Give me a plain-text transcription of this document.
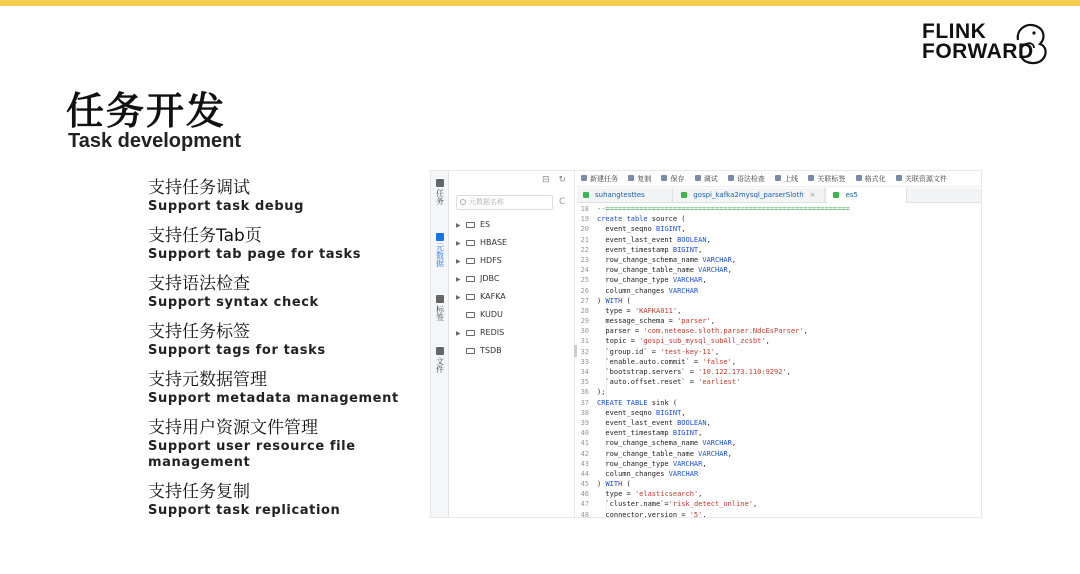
FLINK
FORWARD
任务开发
Task development
支持任务调试
Support task debug
支持任务Tab页
Support tab page for tasks
支持语法检查
Support syntax check
支持任务标签
Support tags for tasks
支持元数据管理
Support metadata management
支持用户资源文件管理
Support user resource file management
支持任务复制
Support task replication
任务
元数据
标签
文件
⊟ ↻
元数据名称	C
▶ ES
▶ HBASE
▶ HDFS
▶ JDBC
▶ KAFKA
KUDU
▶ REDIS
TSDB
新建任务	复制	保存	调试	语法检查	上线	关联标签	格式化	关联资源文件
suhangtesttes	gospi_kafka2mysql_parserSloth ×	es5
18 --==========================================================
19 create table source (
20  event_seqno BIGINT,
21  event_last_event BOOLEAN,
22  event_timestamp BIGINT,
23  row_change_schema_name VARCHAR,
24  row_change_table_name VARCHAR,
25  row_change_type VARCHAR,
26  column_changes VARCHAR
27 ) WITH (
28  type = 'KAFKA011',
29  message_schema = 'parser',
30  parser = 'com.netease.sloth.parser.NdcEsParser',
31  topic = 'gospi_sub_mysql_subAll_zcsbt',
32  `group.id` = 'test-key-11',
33  `enable.auto.commit` = 'false',
34  `bootstrap.servers` = '10.122.173.110:9292',
35  `auto.offset.reset` = 'earliest'
36 );
37 CREATE TABLE sink (
38  event_seqno BIGINT,
39  event_last_event BOOLEAN,
40  event_timestamp BIGINT,
41  row_change_schema_name VARCHAR,
42  row_change_table_name VARCHAR,
43  row_change_type VARCHAR,
44  column_changes VARCHAR
45 ) WITH (
46  type = 'elasticsearch',
47  `cluster.name`='risk_detect_online',
48  connector.version = '5',
